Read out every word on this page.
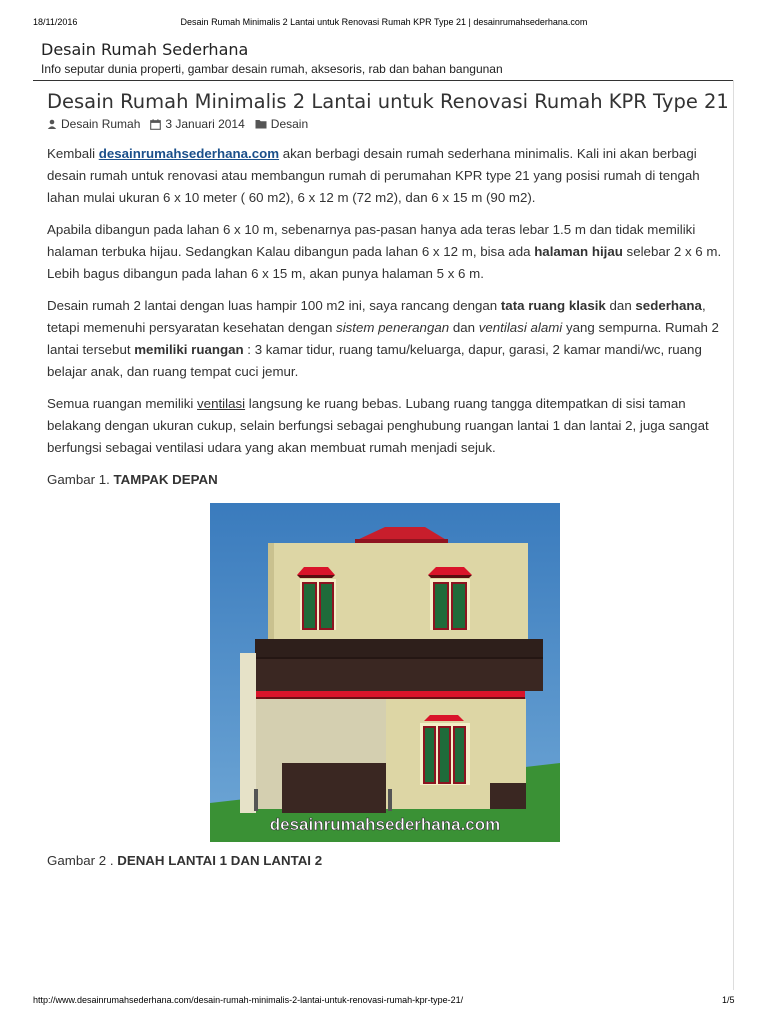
18/11/2016	Desain Rumah Minimalis 2 Lantai untuk Renovasi Rumah KPR Type 21 | desainrumahsederhana.com
Desain Rumah Sederhana
Info seputar dunia properti, gambar desain rumah, aksesoris, rab dan bahan bangunan
Desain Rumah Minimalis 2 Lantai untuk Renovasi Rumah KPR Type 21
Desain Rumah 3 Januari 2014 Desain

Kembali desainrumahsederhana.com akan berbagi desain rumah sederhana minimalis. Kali ini akan berbagi desain rumah untuk renovasi atau membangun rumah di perumahan KPR type 21 yang posisi rumah di tengah lahan mulai ukuran 6 x 10 meter ( 60 m2), 6 x 12 m (72 m2), dan 6 x 15 m (90 m2).

Apabila dibangun pada lahan 6 x 10 m, sebenarnya pas-pasan hanya ada teras lebar 1.5 m dan tidak memiliki halaman terbuka hijau. Sedangkan Kalau dibangun pada lahan 6 x 12 m, bisa ada halaman hijau selebar 2 x 6 m. Lebih bagus dibangun pada lahan 6 x 15 m, akan punya halaman 5 x 6 m.

Desain rumah 2 lantai dengan luas hampir 100 m2 ini, saya rancang dengan tata ruang klasik dan sederhana, tetapi memenuhi persyaratan kesehatan dengan sistem penerangan dan ventilasi alami yang sempurna. Rumah 2 lantai tersebut memiliki ruangan : 3 kamar tidur, ruang tamu/keluarga, dapur, garasi, 2 kamar mandi/wc, ruang belajar anak, dan ruang tempat cuci jemur.

Semua ruangan memiliki ventilasi langsung ke ruang bebas. Lubang ruang tangga ditempatkan di sisi taman belakang dengan ukuran cukup, selain berfungsi sebagai penghubung ruangan lantai 1 dan lantai 2, juga sangat berfungsi sebagai ventilasi udara yang akan membuat rumah menjadi sejuk.

Gambar 1. TAMPAK DEPAN

desainrumahsederhana.com
Gambar 2 . DENAH LANTAI 1 DAN LANTAI 2
http://www.desainrumahsederhana.com/desain-rumah-minimalis-2-lantai-untuk-renovasi-rumah-kpr-type-21/	1/5
